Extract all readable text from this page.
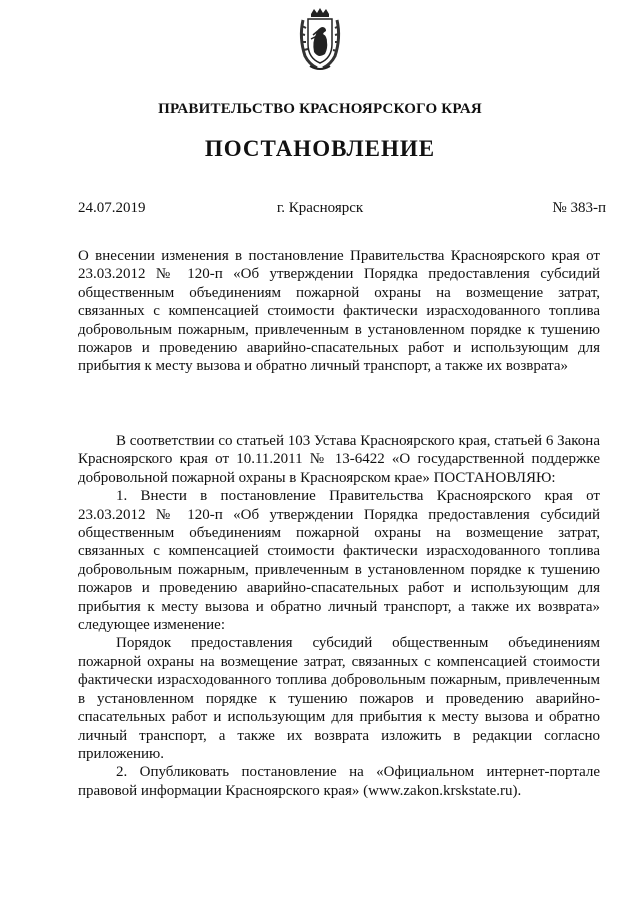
ПРАВИТЕЛЬСТВО КРАСНОЯРСКОГО КРАЯ
ПОСТАНОВЛЕНИЕ
24.07.2019	г. Красноярск	№ 383-п
О внесении изменения в постановление Правительства Красноярского края от 23.03.2012 № 120-п «Об утверждении Порядка предоставления субсидий общественным объединениям пожарной охраны на возмещение затрат, связанных с компенсацией стоимости фактически израсходованного топлива добровольным пожарным, привлеченным в установленном порядке к тушению пожаров и проведению аварийно-спасательных работ и использующим для прибытия к месту вызова и обратно личный транспорт, а также их возврата»

В соответствии со статьей 103 Устава Красноярского края, статьей 6 Закона Красноярского края от 10.11.2011 № 13-6422 «О государственной поддержке добровольной пожарной охраны в Красноярском крае» ПОСТАНОВЛЯЮ:

1. Внести в постановление Правительства Красноярского края от 23.03.2012 № 120-п «Об утверждении Порядка предоставления субсидий общественным объединениям пожарной охраны на возмещение затрат, связанных с компенсацией стоимости фактически израсходованного топлива добровольным пожарным, привлеченным в установленном порядке к тушению пожаров и проведению аварийно-спасательных работ и использующим для прибытия к месту вызова и обратно личный транспорт, а также их возврата» следующее изменение:

Порядок предоставления субсидий общественным объединениям пожарной охраны на возмещение затрат, связанных с компенсацией стоимости фактически израсходованного топлива добровольным пожарным, привлеченным в установленном порядке к тушению пожаров и проведению аварийно-спасательных работ и использующим для прибытия к месту вызова и обратно личный транспорт, а также их возврата изложить в редакции согласно приложению.

2. Опубликовать постановление на «Официальном интернет-портале правовой информации Красноярского края» (www.zakon.krskstate.ru).
